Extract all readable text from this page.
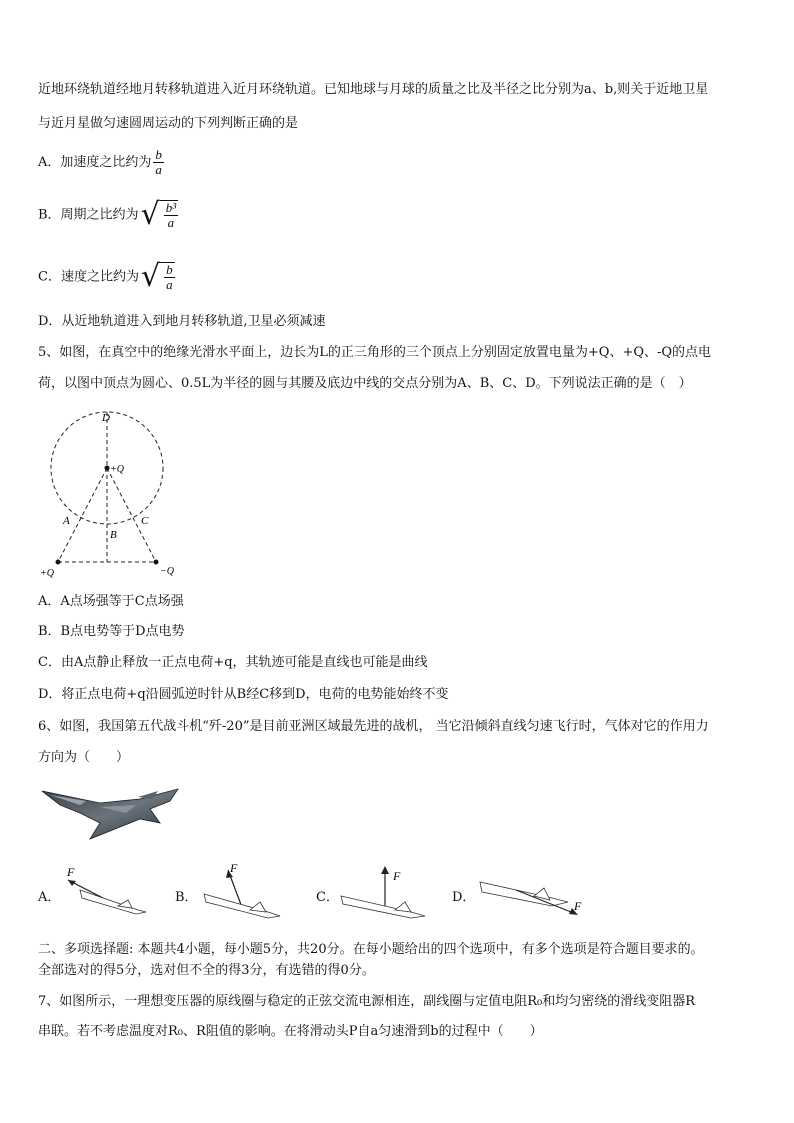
近地环绕轨道经地月转移轨道进入近月环绕轨道。已知地球与月球的质量之比及半径之比分别为a、b,则关于近地卫星
与近月星做匀速圆周运动的下列判断正确的是
A．加速度之比约为 $\frac{b}{a}$
B．周期之比约为√ $\frac{\text{b³}}{a}$
C．速度之比约为√ $\frac{b}{a}$
D．从近地轨道进入到地月转移轨道,卫星必须减速
5、如图，在真空中的绝缘光滑水平面上，边长为L的正三角形的三个顶点上分别固定放置电量为+Q、+Q、-Q的点电
荷，以图中顶点为圆心、0.5L为半径的圆与其腰及底边中线的交点分别为A、B、C、D。下列说法正确的是（　）
D
+Q
A	C
B
+Q	−Q
A．A点场强等于C点场强
B．B点电势等于D点电势
C．由A点静止释放一正点电荷+q，其轨迹可能是直线也可能是曲线
D．将正点电荷+q沿圆弧逆时针从B经C移到D，电荷的电势能始终不变
6、如图，我国第五代战斗机“歼-20”是目前亚洲区域最先进的战机， 当它沿倾斜直线匀速飞行时，气体对它的作用力
方向为（　　）
A．
F
B．
F
C．
F
D．
F
二、多项选择题: 本题共4小题，每小题5分，共20分。在每小题给出的四个选项中，有多个选项是符合题目要求的。
全部选对的得5分，选对但不全的得3分，有选错的得0分。
7、如图所示，一理想变压器的原线圈与稳定的正弦交流电源相连，副线圈与定值电阻R₀和均匀密绕的滑线变阻器R
串联。若不考虑温度对R₀、R阻值的影响。在将滑动头P自a匀速滑到b的过程中（　　）
